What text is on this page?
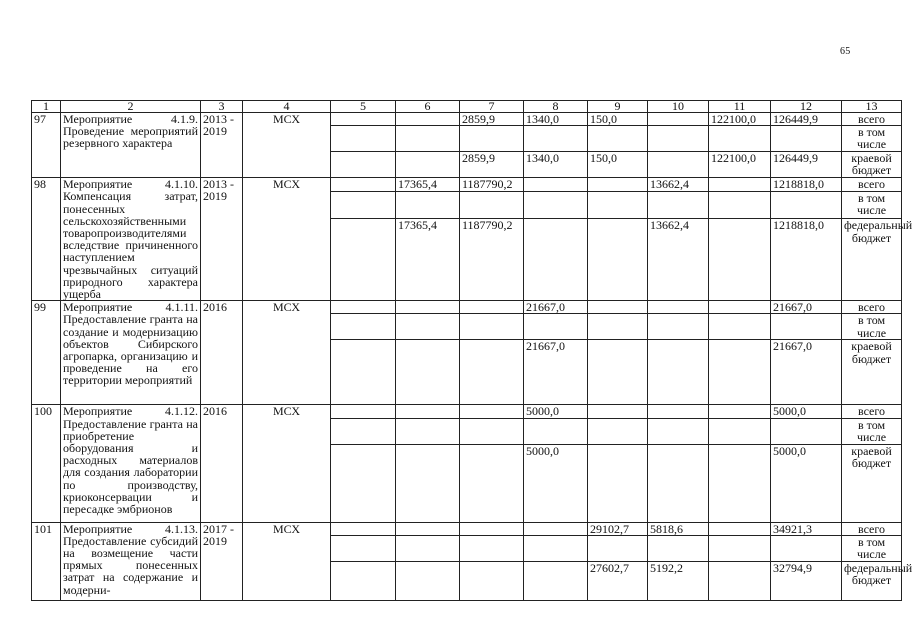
65
1	2	3	4	5	6	7	8	9	10	11	12	13
97	Мероприятие 4.1.9. Проведение мероприятий резервного характера	2013 - 2019	МСХ			2859,9	1340,0	150,0		122100,0	126449,9	всего
												в том числе
						2859,9	1340,0	150,0		122100,0	126449,9	краевой бюджет
98	Мероприятие 4.1.10. Компенсация затрат, понесенных сельскохозяйственными товаропроизводителями вследствие причиненного наступлением чрезвычайных ситуаций природного характера ущерба	2013 - 2019	МСХ		17365,4	1187790,2			13662,4		1218818,0	всего
												в том числе
					17365,4	1187790,2			13662,4		1218818,0	федеральный бюджет
99	Мероприятие 4.1.11. Предоставление гранта на создание и модернизацию объектов Сибирского агропарка, организацию и проведение на его территории мероприятий	2016	МСХ				21667,0				21667,0	всего
												в том числе
							21667,0				21667,0	краевой бюджет
100	Мероприятие 4.1.12. Предоставление гранта на приобретение оборудования и расходных материалов для создания лаборатории по производству, криоконсервации и пересадке эмбрионов	2016	МСХ				5000,0				5000,0	всего
												в том числе
							5000,0				5000,0	краевой бюджет
101	Мероприятие 4.1.13. Предоставление субсидий на возмещение части прямых понесенных затрат на содержание и модерни-	2017 - 2019	МСХ					29102,7	5818,6		34921,3	всего
												в том числе
								27602,7	5192,2		32794,9	федеральный бюджет
